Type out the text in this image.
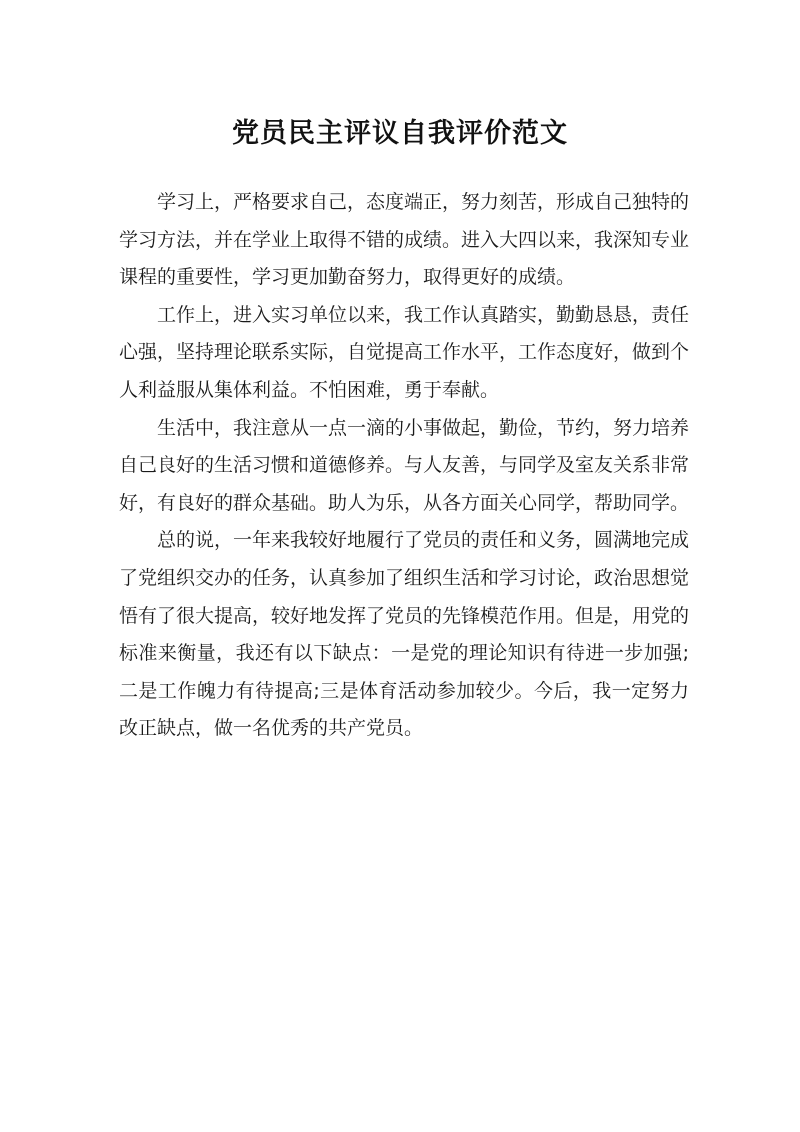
党员民主评议自我评价范文

学习上，严格要求自己，态度端正，努力刻苦，形成自己独特的学习方法，并在学业上取得不错的成绩。进入大四以来，我深知专业课程的重要性，学习更加勤奋努力，取得更好的成绩。

工作上，进入实习单位以来，我工作认真踏实，勤勤恳恳，责任心强，坚持理论联系实际，自觉提高工作水平，工作态度好，做到个人利益服从集体利益。不怕困难，勇于奉献。

生活中，我注意从一点一滴的小事做起，勤俭，节约，努力培养自己良好的生活习惯和道德修养。与人友善，与同学及室友关系非常好，有良好的群众基础。助人为乐，从各方面关心同学，帮助同学。

总的说，一年来我较好地履行了党员的责任和义务，圆满地完成了党组织交办的任务，认真参加了组织生活和学习讨论，政治思想觉悟有了很大提高，较好地发挥了党员的先锋模范作用。但是，用党的标准来衡量，我还有以下缺点：一是党的理论知识有待进一步加强;二是工作魄力有待提高;三是体育活动参加较少。今后，我一定努力改正缺点，做一名优秀的共产党员。
